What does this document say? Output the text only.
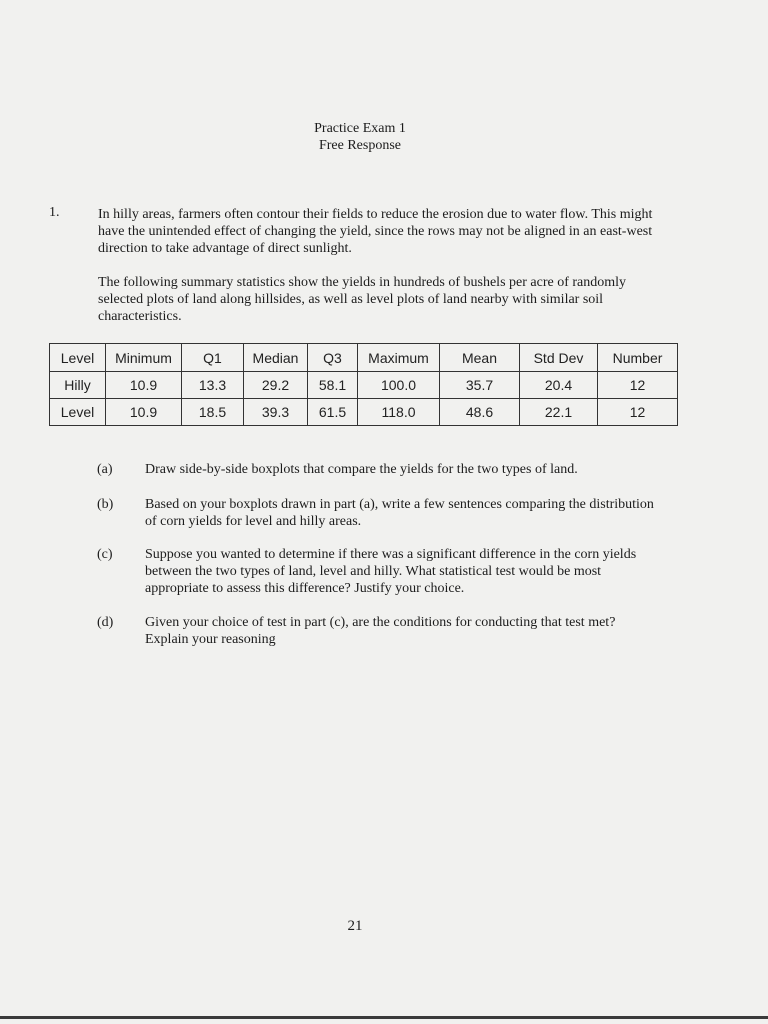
Practice Exam 1
Free Response
1.	In hilly areas, farmers often contour their fields to reduce the erosion due to water flow. This might have the unintended effect of changing the yield, since the rows may not be aligned in an east-west direction to take advantage of direct sunlight.
The following summary statistics show the yields in hundreds of bushels per acre of randomly selected plots of land along hillsides, as well as level plots of land nearby with similar soil characteristics.
Level	Minimum	Q1	Median	Q3	Maximum	Mean	Std Dev	Number
Hilly	10.9	13.3	29.2	58.1	100.0	35.7	20.4	12
Level	10.9	18.5	39.3	61.5	118.0	48.6	22.1	12
(a) Draw side-by-side boxplots that compare the yields for the two types of land.
(b) Based on your boxplots drawn in part (a), write a few sentences comparing the distribution of corn yields for level and hilly areas.
(c) Suppose you wanted to determine if there was a significant difference in the corn yields between the two types of land, level and hilly. What statistical test would be most appropriate to assess this difference? Justify your choice.
(d) Given your choice of test in part (c), are the conditions for conducting that test met? Explain your reasoning
21
